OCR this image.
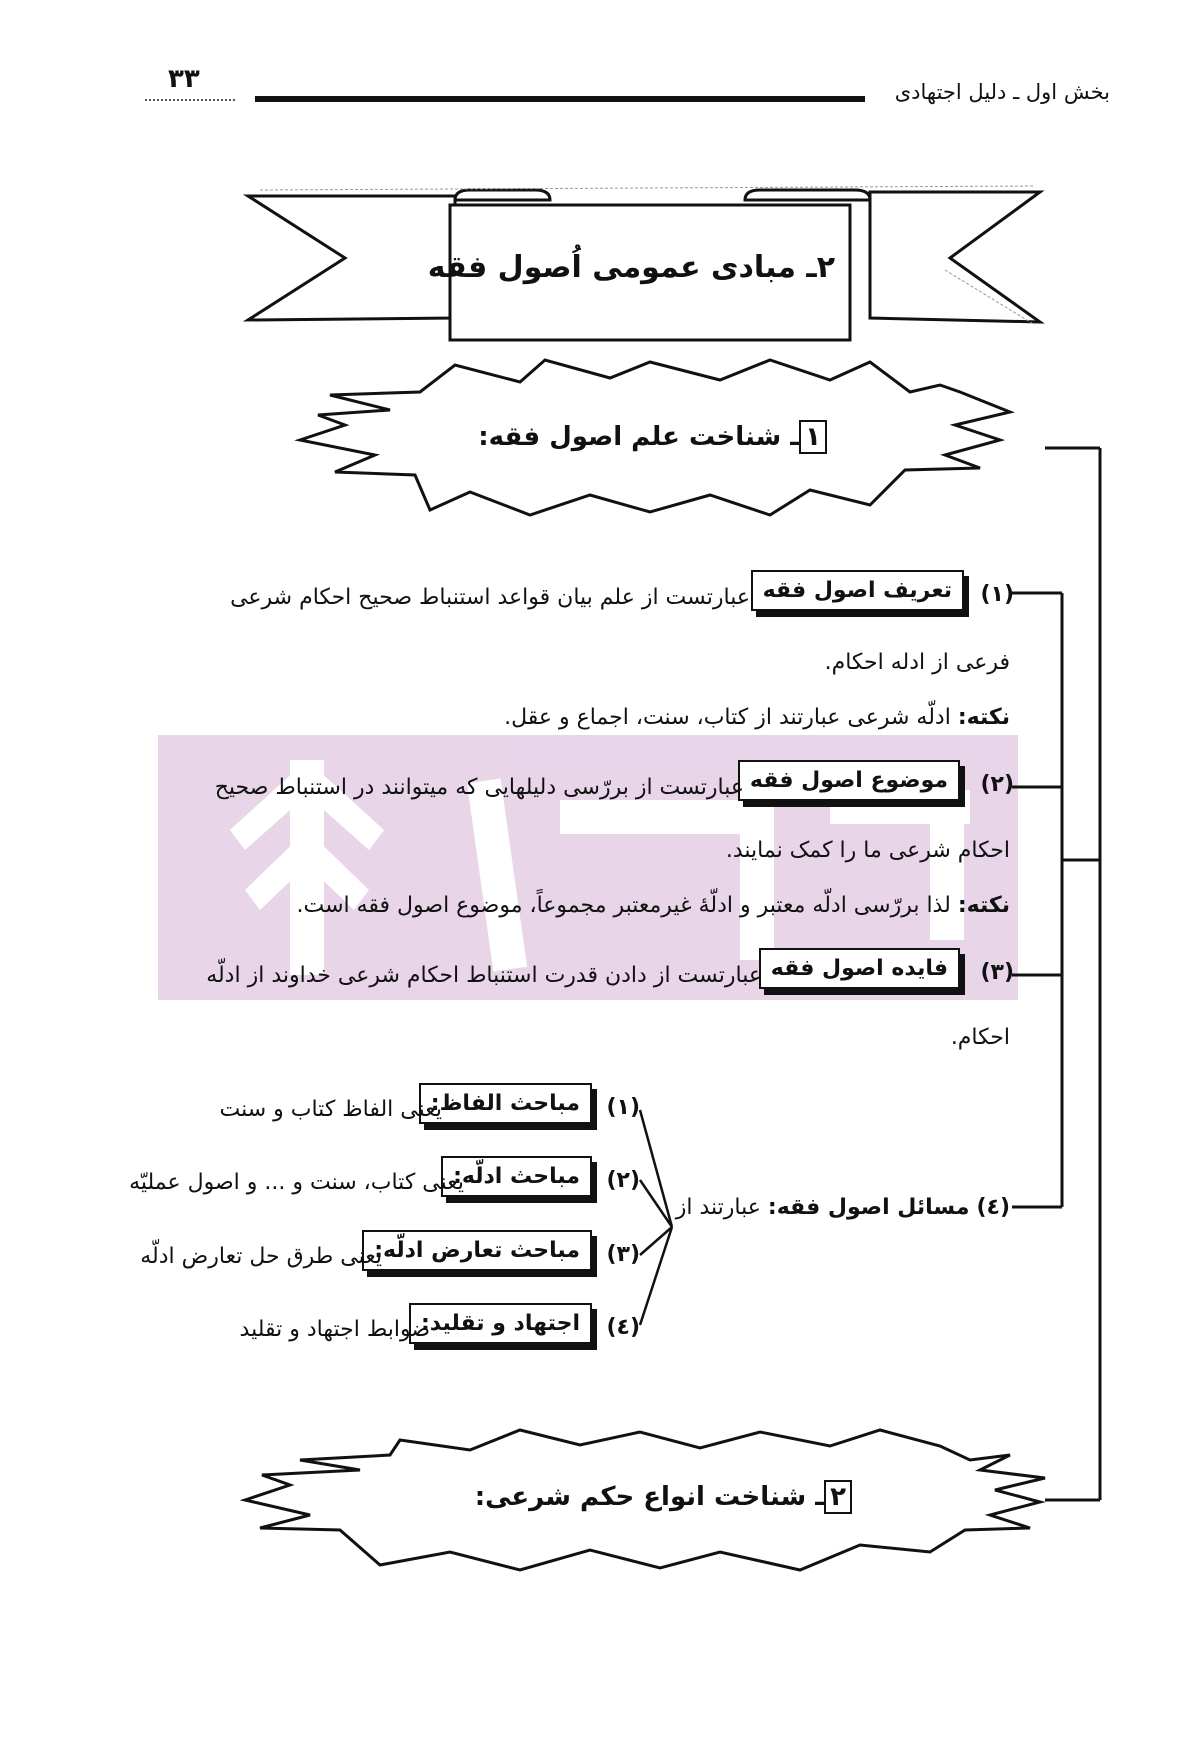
بخش اول ـ دلیل اجتهادی
۳۳
۲ـ مبادی عمومی اُصول فقه
۱ـ شناخت علم اصول فقه:
(۱)
تعریف اصول فقه
عبارتست از علم بیان قواعد استنباط صحیح احکام شرعی
فرعی از ادله احکام.
نکته: ادلّه شرعی عبارتند از کتاب، سنت، اجماع و عقل.
(۲)
موضوع اصول فقه
عبارتست از بررّسی دلیلهایی که میتوانند در استنباط صحیح
احکام شرعی ما را کمک نمایند.
نکته: لذا بررّسی ادلّه معتبر و ادلّهٔ غیرمعتبر مجموعاً، موضوع اصول فقه است.
(۳)
فایده اصول فقه
عبارتست از دادن قدرت استنباط احکام شرعی خداوند از ادلّه
احکام.
(٤) مسائل اصول فقه: عبارتند از
(۱)
مباحث الفاظ:
یعنی الفاظ کتاب و سنت
(۲)
مباحث ادلّه:
یعنی کتاب، سنت و ... و اصول عملیّه
(۳)
مباحث تعارض ادلّه:
یعنی طرق حل تعارض ادلّه
(٤)
اجتهاد و تقلید:
ضوابط اجتهاد و تقلید
۲ـ شناخت انواع حکم شرعی:
